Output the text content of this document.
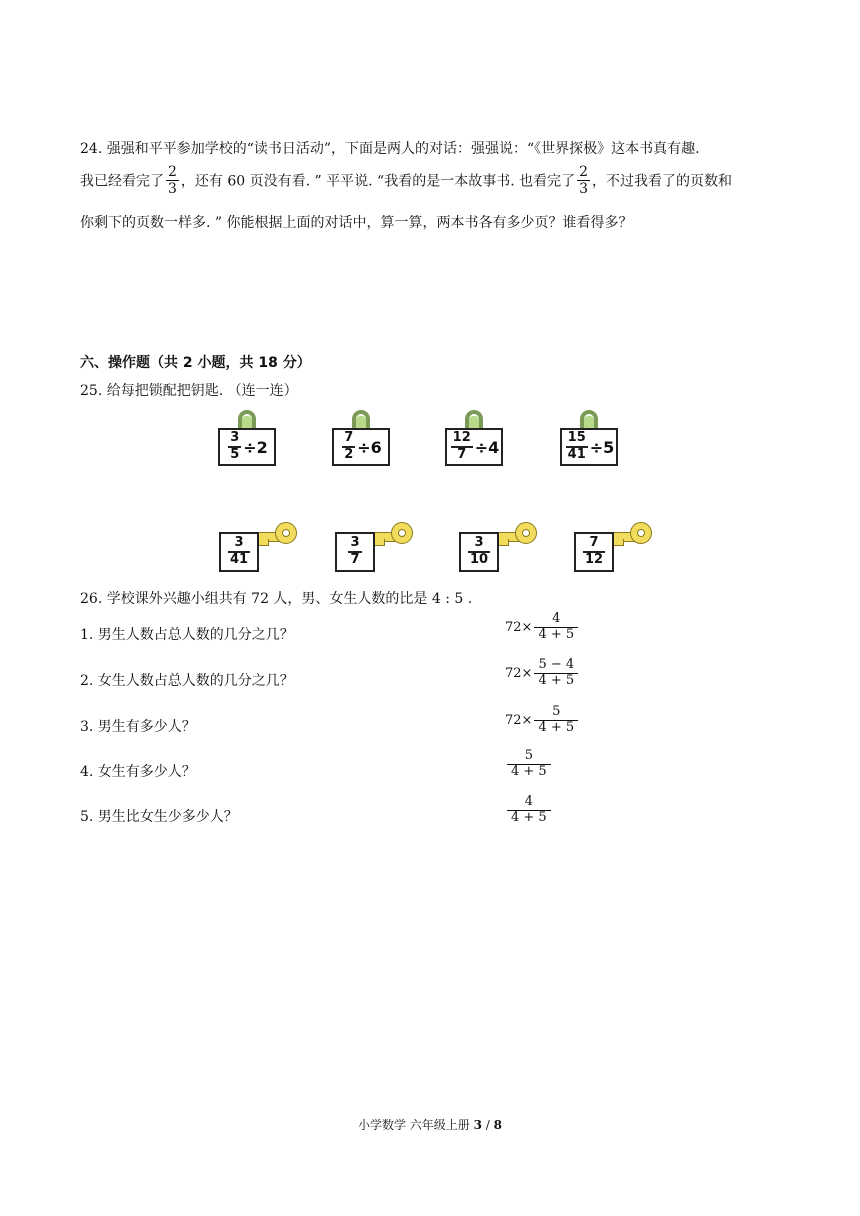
24. 强强和平平参加学校的“读书日活动”，下面是两人的对话：强强说：“《世界探极》这本书真有趣.
我已经看完了 $\frac{2}{3}$ ，还有 60 页没有看. ” 平平说. “我看的是一本故事书. 也看完了 $\frac{2}{3}$ ，不过我看了的页数和
你剩下的页数一样多. ” 你能根据上面的对话中，算一算，两本书各有多少页？谁看得多？
六、操作题（共 2 小题，共 18 分）
25. 给每把锁配把钥匙. （连一连）
$\frac{3}{5} \div 2$	$\frac{7}{2} \div 6$	$\frac{12}{7} \div 4$	$\frac{15}{41} \div 5$
$\frac{3}{41}$	$\frac{3}{7}$	$\frac{3}{10}$	$\frac{7}{12}$
26. 学校课外兴趣小组共有 72 人，男、女生人数的比是 4 : 5 .
1. 男生人数占总人数的几分之几？	$72\times \frac{4}{4 + 5}$
2. 女生人数占总人数的几分之几？	$72\times \frac{5 - 4}{4 + 5}$
3. 男生有多少人？	$72\times \frac{5}{4 + 5}$
4. 女生有多少人？	$\frac{5}{4 + 5}$
5. 男生比女生少多少人？	$\frac{4}{4 + 5}$
小学数学 六年级上册 3 / 8
